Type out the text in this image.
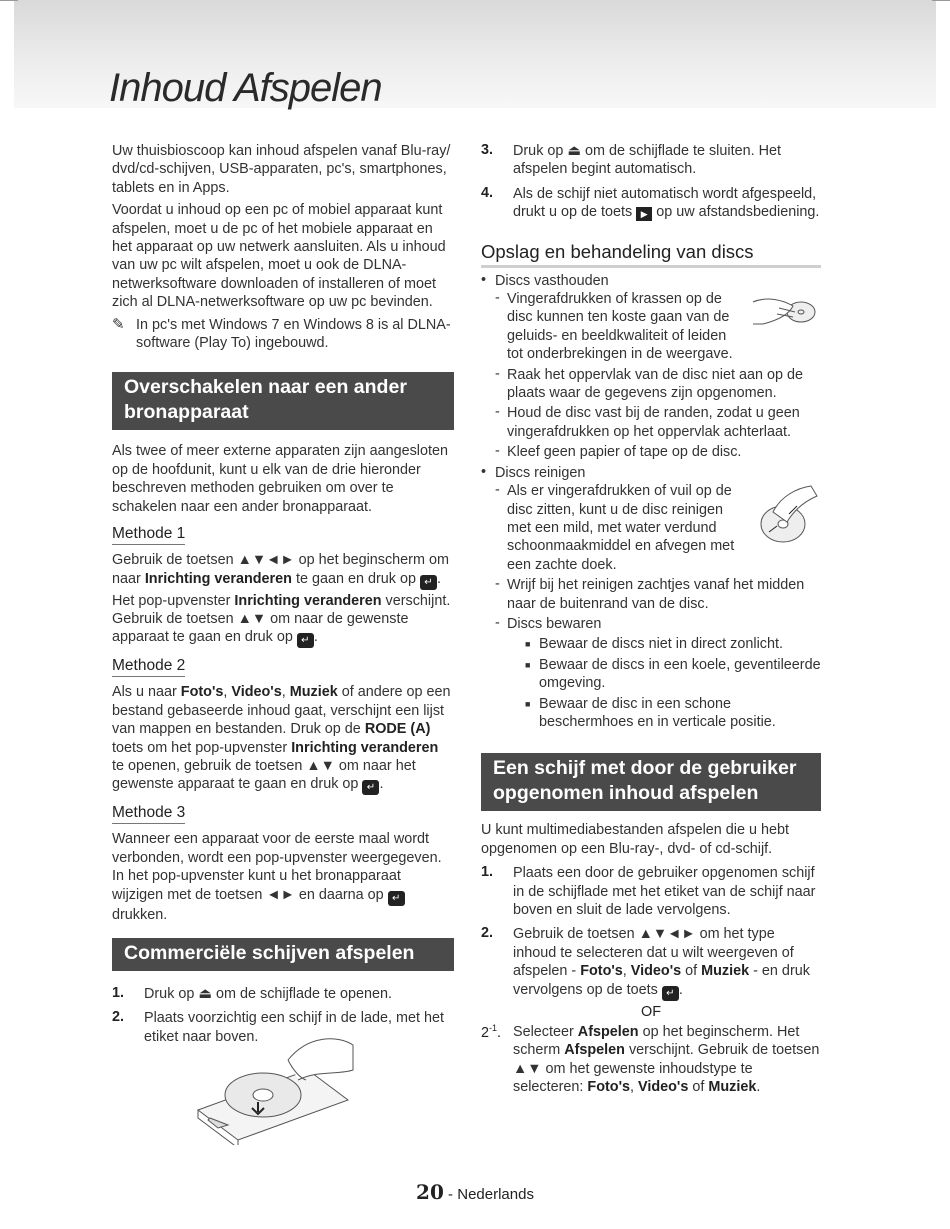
Inhoud Afspelen

Uw thuisbioscoop kan inhoud afspelen vanaf Blu-ray/ dvd/cd-schijven, USB-apparaten, pc's, smartphones, tablets en in Apps.

Voordat u inhoud op een pc of mobiel apparaat kunt afspelen, moet u de pc of het mobiele apparaat en het apparaat op uw netwerk aansluiten. Als u inhoud van uw pc wilt afspelen, moet u ook de DLNA-netwerksoftware downloaden of installeren of moet zich al DLNA-netwerksoftware op uw pc bevinden.

✎ In pc's met Windows 7 en Windows 8 is al DLNA-software (Play To) ingebouwd.

Overschakelen naar een ander bronapparaat

Als twee of meer externe apparaten zijn aangesloten op de hoofdunit, kunt u elk van de drie hieronder beschreven methoden gebruiken om over te schakelen naar een ander bronapparaat.

Methode 1

Gebruik de toetsen ▲▼◄► op het beginscherm om naar Inrichting veranderen te gaan en druk op ↵ .

Het pop-upvenster Inrichting veranderen verschijnt. Gebruik de toetsen ▲▼ om naar de gewenste apparaat te gaan en druk op ↵ .

Methode 2

Als u naar Foto's, Video's, Muziek of andere op een bestand gebaseerde inhoud gaat, verschijnt een lijst van mappen en bestanden. Druk op de RODE (A) toets om het pop-upvenster Inrichting veranderen te openen, gebruik de toetsen ▲▼ om naar het gewenste apparaat te gaan en druk op ↵ .

Methode 3

Wanneer een apparaat voor de eerste maal wordt verbonden, wordt een pop-upvenster weergegeven. In het pop-upvenster kunt u het bronapparaat wijzigen met de toetsen ◄► en daarna op ↵ drukken.

Commerciële schijven afspelen
1.	Druk op ⏏ om de schijflade te openen.

2.	Plaats voorzichtig een schijf in de lade, met het etiket naar boven.

3.	Druk op ⏏ om de schijflade te sluiten. Het afspelen begint automatisch.

4.	Als de schijf niet automatisch wordt afgespeeld, drukt u op de toets ▶ op uw afstandsbediening.

Opslag en behandeling van discs
• Discs vasthouden

- Vingerafdrukken of krassen op de disc kunnen ten koste gaan van de geluids- en beeldkwaliteit of leiden tot onderbrekingen in de weergave.

- Raak het oppervlak van de disc niet aan op de plaats waar de gegevens zijn opgenomen.

- Houd de disc vast bij de randen, zodat u geen vingerafdrukken op het oppervlak achterlaat.

- Kleef geen papier of tape op de disc.

• Discs reinigen

- Als er vingerafdrukken of vuil op de disc zitten, kunt u de disc reinigen met een mild, met water verdund schoonmaakmiddel en afvegen met een zachte doek.

- Wrijf bij het reinigen zachtjes vanaf het midden naar de buitenrand van de disc.

- Discs bewaren

■ Bewaar de discs niet in direct zonlicht.

■ Bewaar de discs in een koele, geventileerde omgeving.

■ Bewaar de disc in een schone beschermhoes en in verticale positie.

Een schijf met door de gebruiker opgenomen inhoud afspelen

U kunt multimediabestanden afspelen die u hebt opgenomen op een Blu-ray-, dvd- of cd-schijf.

1.	Plaats een door de gebruiker opgenomen schijf in de schijflade met het etiket van de schijf naar boven en sluit de lade vervolgens.

2.	Gebruik de toetsen ▲▼◄► om het type inhoud te selecteren dat u wilt weergeven of afspelen - Foto's, Video's of Muziek - en druk vervolgens op de toets ↵ .

OF

$2^{-1}$. Selecteer Afspelen op het beginscherm. Het scherm Afspelen verschijnt. Gebruik de toetsen ▲▼ om het gewenste inhoudstype te selecteren: Foto's, Video's of Muziek.

20 - Nederlands
